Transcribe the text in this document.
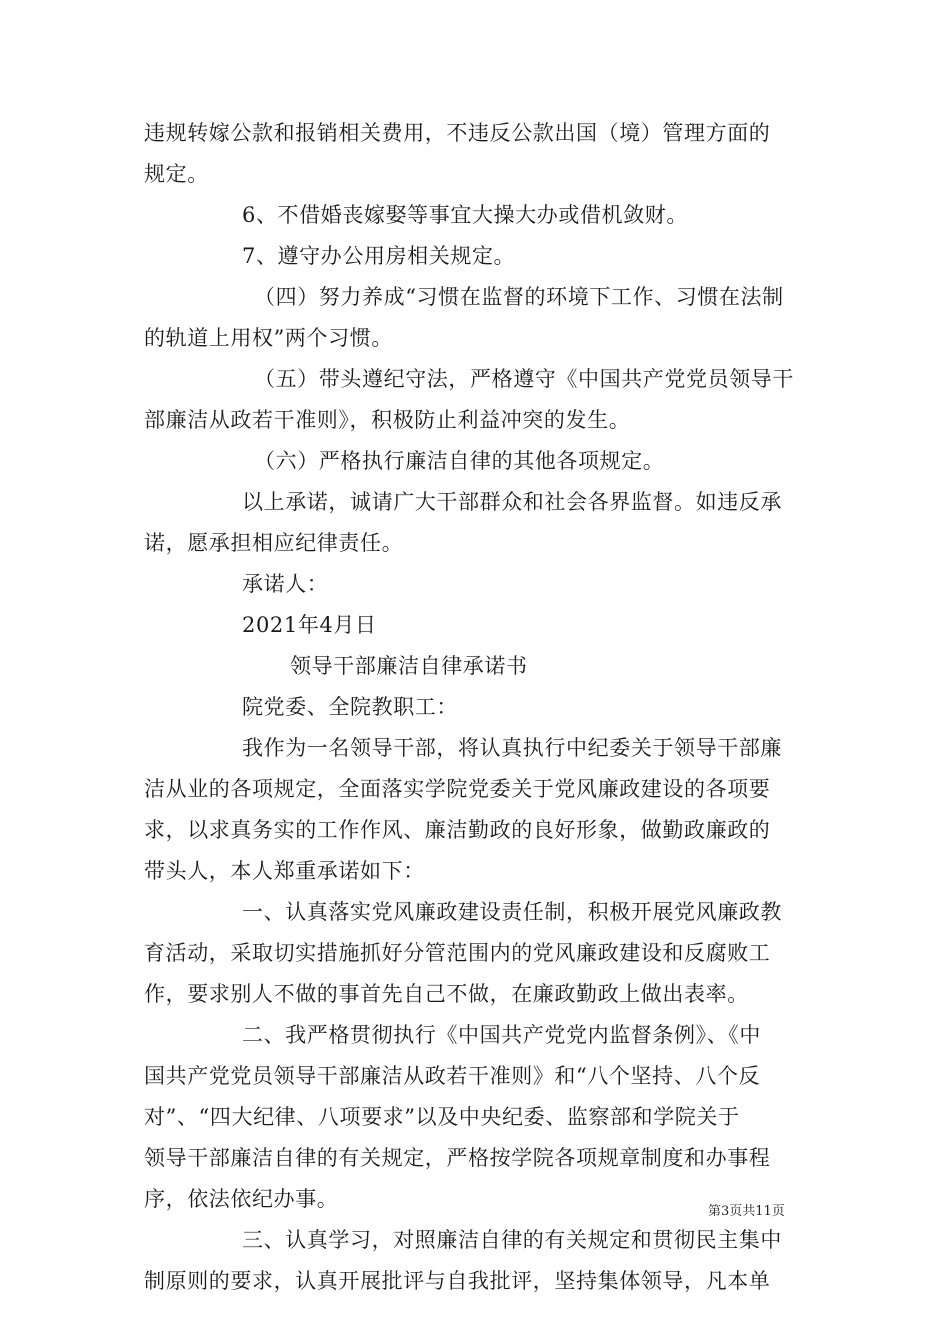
违规转嫁公款和报销相关费用，不违反公款出国（境）管理方面的
规定。
6、不借婚丧嫁娶等事宜大操大办或借机敛财。
7、遵守办公用房相关规定。
（四）努力养成“习惯在监督的环境下工作、习惯在法制
的轨道上用权”两个习惯。
（五）带头遵纪守法，严格遵守《中国共产党党员领导干
部廉洁从政若干准则》，积极防止利益冲突的发生。
（六）严格执行廉洁自律的其他各项规定。
以上承诺，诚请广大干部群众和社会各界监督。如违反承
诺，愿承担相应纪律责任。
承诺人：
2021年4月日
领导干部廉洁自律承诺书
院党委、全院教职工：
我作为一名领导干部，将认真执行中纪委关于领导干部廉
洁从业的各项规定，全面落实学院党委关于党风廉政建设的各项要
求，以求真务实的工作作风、廉洁勤政的良好形象，做勤政廉政的
带头人，本人郑重承诺如下：
一、认真落实党风廉政建设责任制，积极开展党风廉政教
育活动，采取切实措施抓好分管范围内的党风廉政建设和反腐败工
作，要求别人不做的事首先自己不做，在廉政勤政上做出表率。
二、我严格贯彻执行《中国共产党党内监督条例》、《中
国共产党党员领导干部廉洁从政若干准则》和“八个坚持、八个反
对”、“四大纪律、八项要求”以及中央纪委、监察部和学院关于
领导干部廉洁自律的有关规定，严格按学院各项规章制度和办事程
序，依法依纪办事。
三、认真学习，对照廉洁自律的有关规定和贯彻民主集中
制原则的要求，认真开展批评与自我批评，坚持集体领导，凡本单
第3页共11页
